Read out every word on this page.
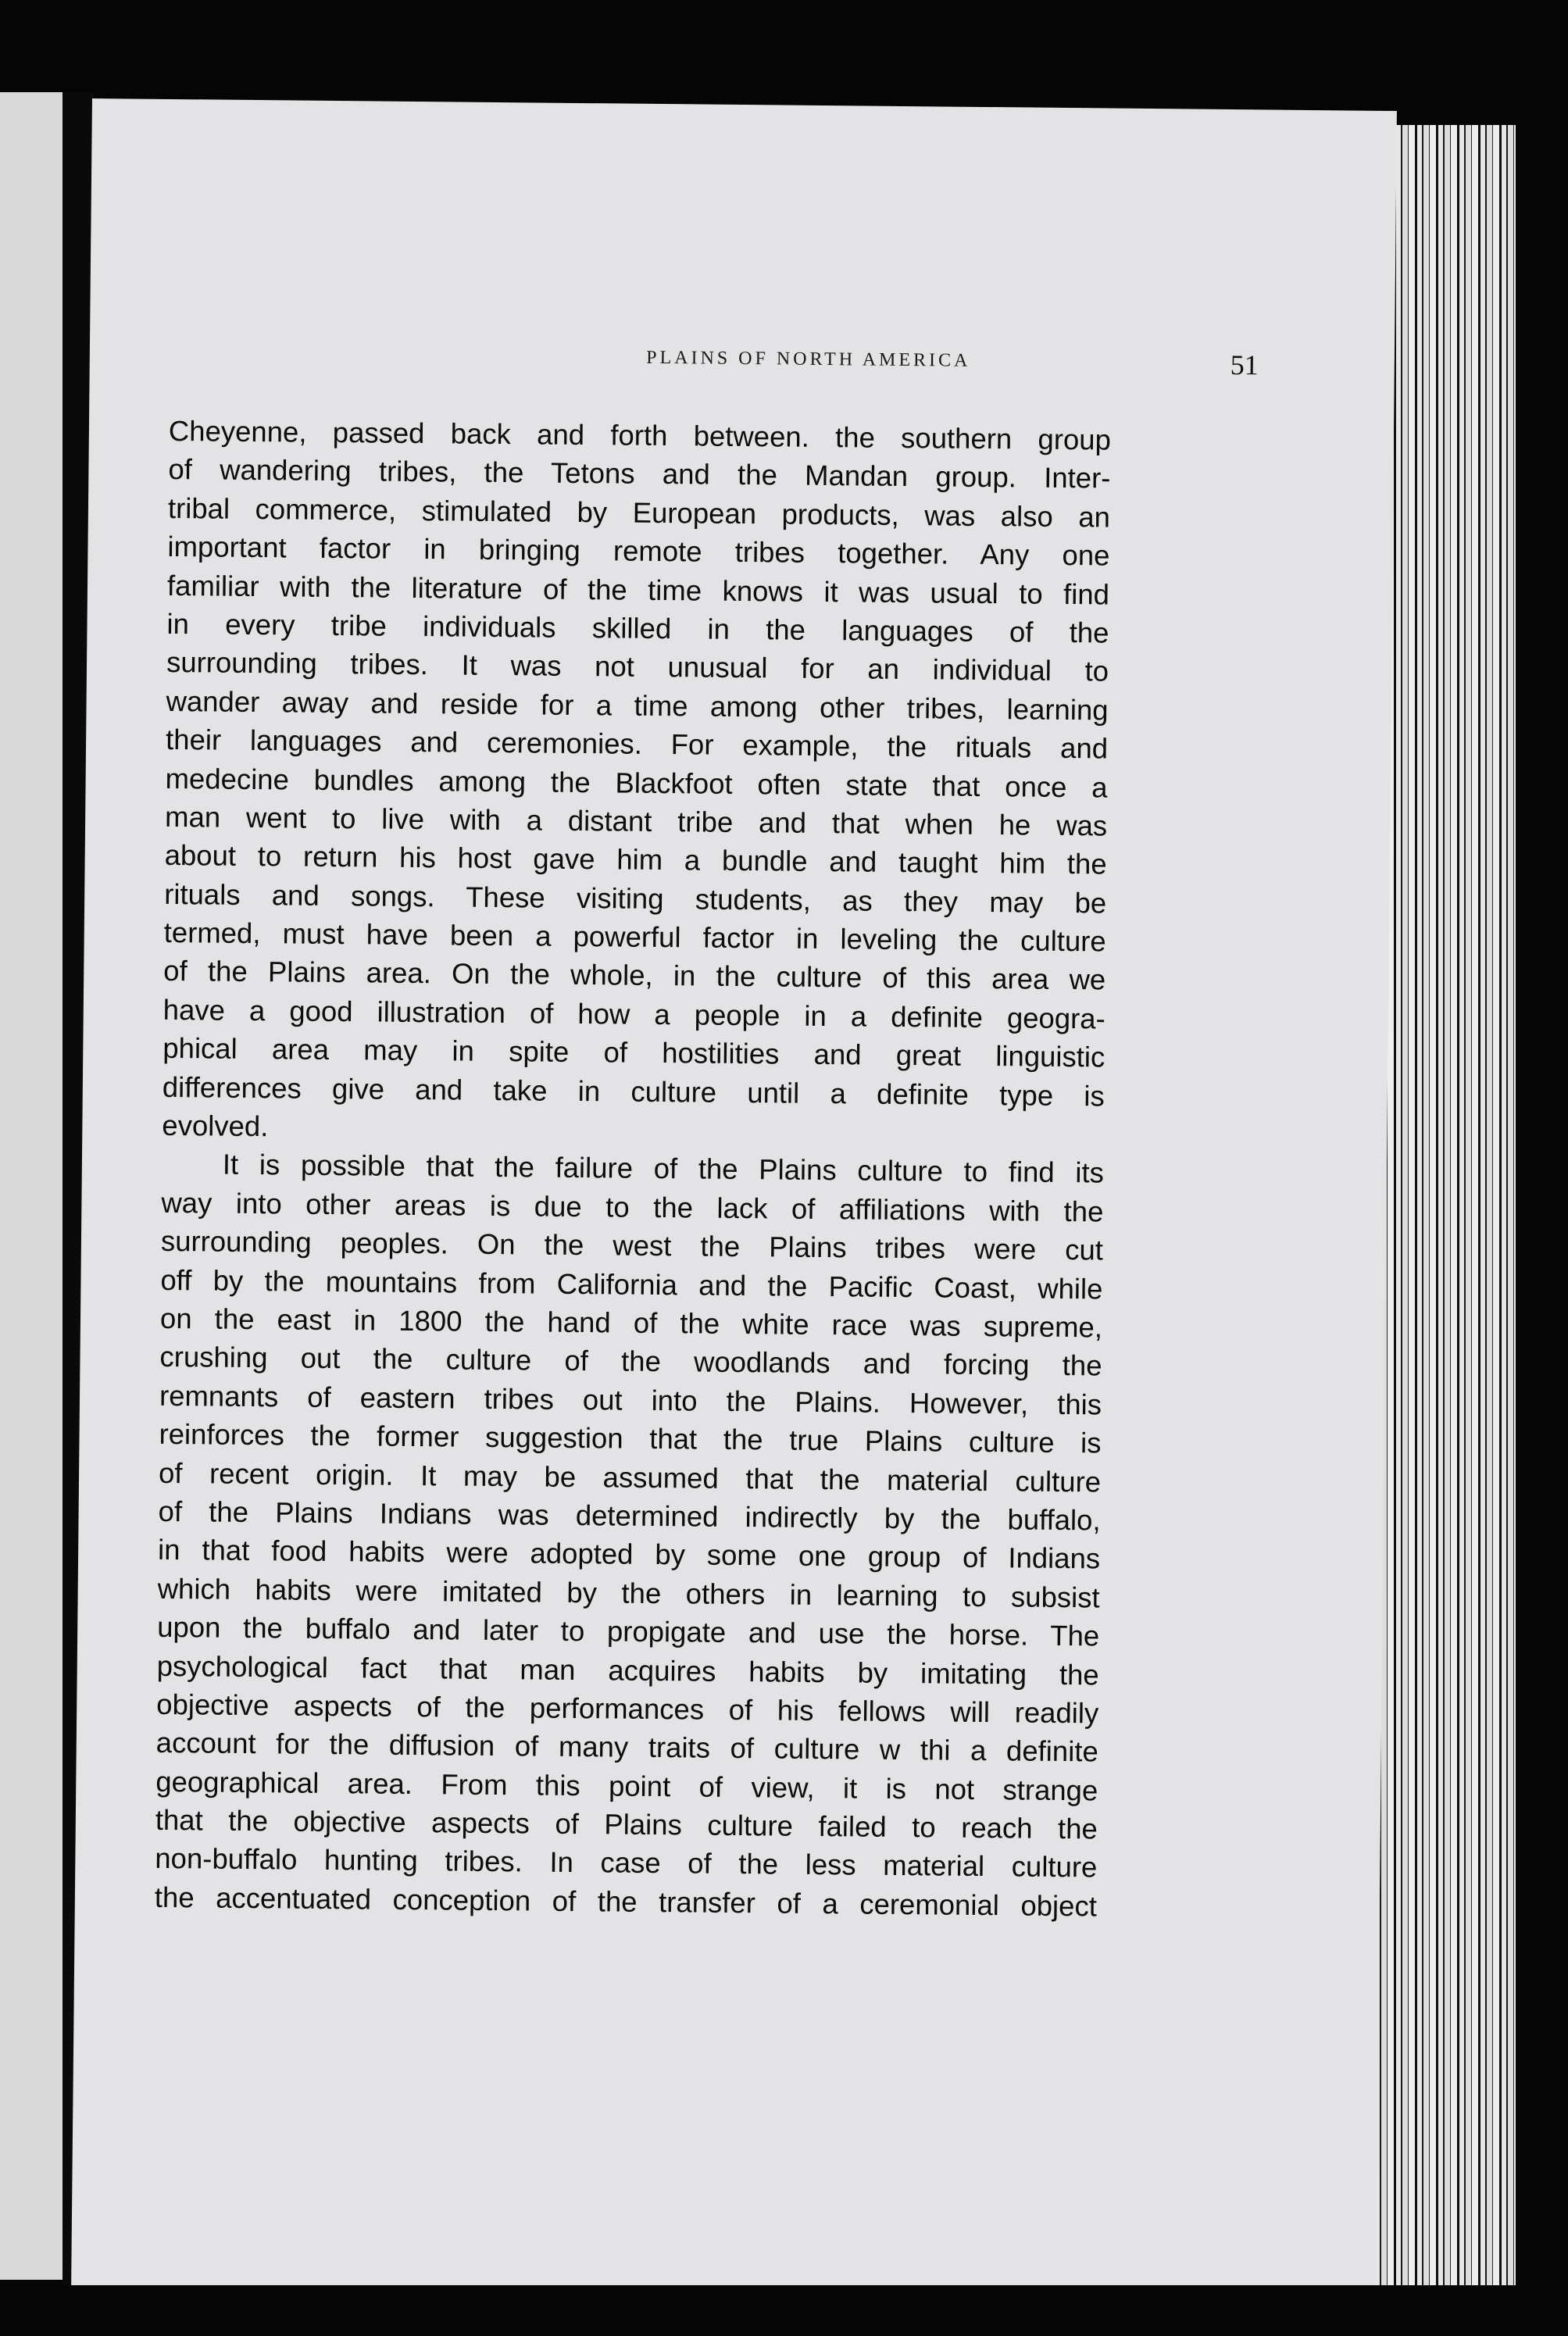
PLAINS OF NORTH AMERICA	51
Cheyenne, passed back and forth between. the southern group
of wandering tribes, the Tetons and the Mandan group. Inter-
tribal commerce, stimulated by European products, was also an
important factor in bringing remote tribes together. Any one
familiar with the literature of the time knows it was usual to find
in every tribe individuals skilled in the languages of the
surrounding tribes. It was not unusual for an individual to
wander away and reside for a time among other tribes, learning
their languages and ceremonies. For example, the rituals and
medecine bundles among the Blackfoot often state that once a
man went to live with a distant tribe and that when he was
about to return his host gave him a bundle and taught him the
rituals and songs. These visiting students, as they may be
termed, must have been a powerful factor in leveling the culture
of the Plains area. On the whole, in the culture of this area we
have a good illustration of how a people in a definite geogra-
phical area may in spite of hostilities and great linguistic
differences give and take in culture until a definite type is
evolved.
It is possible that the failure of the Plains culture to find its
way into other areas is due to the lack of affiliations with the
surrounding peoples. On the west the Plains tribes were cut
off by the mountains from California and the Pacific Coast, while
on the east in 1800 the hand of the white race was supreme,
crushing out the culture of the woodlands and forcing the
remnants of eastern tribes out into the Plains. However, this
reinforces the former suggestion that the true Plains culture is
of recent origin. It may be assumed that the material culture
of the Plains Indians was determined indirectly by the buffalo,
in that food habits were adopted by some one group of Indians
which habits were imitated by the others in learning to subsist
upon the buffalo and later to propigate and use the horse. The
psychological fact that man acquires habits by imitating the
objective aspects of the performances of his fellows will readily
account for the diffusion of many traits of culture w thi a definite
geographical area. From this point of view, it is not strange
that the objective aspects of Plains culture failed to reach the
non-buffalo hunting tribes. In case of the less material culture
the accentuated conception of the transfer of a ceremonial object
